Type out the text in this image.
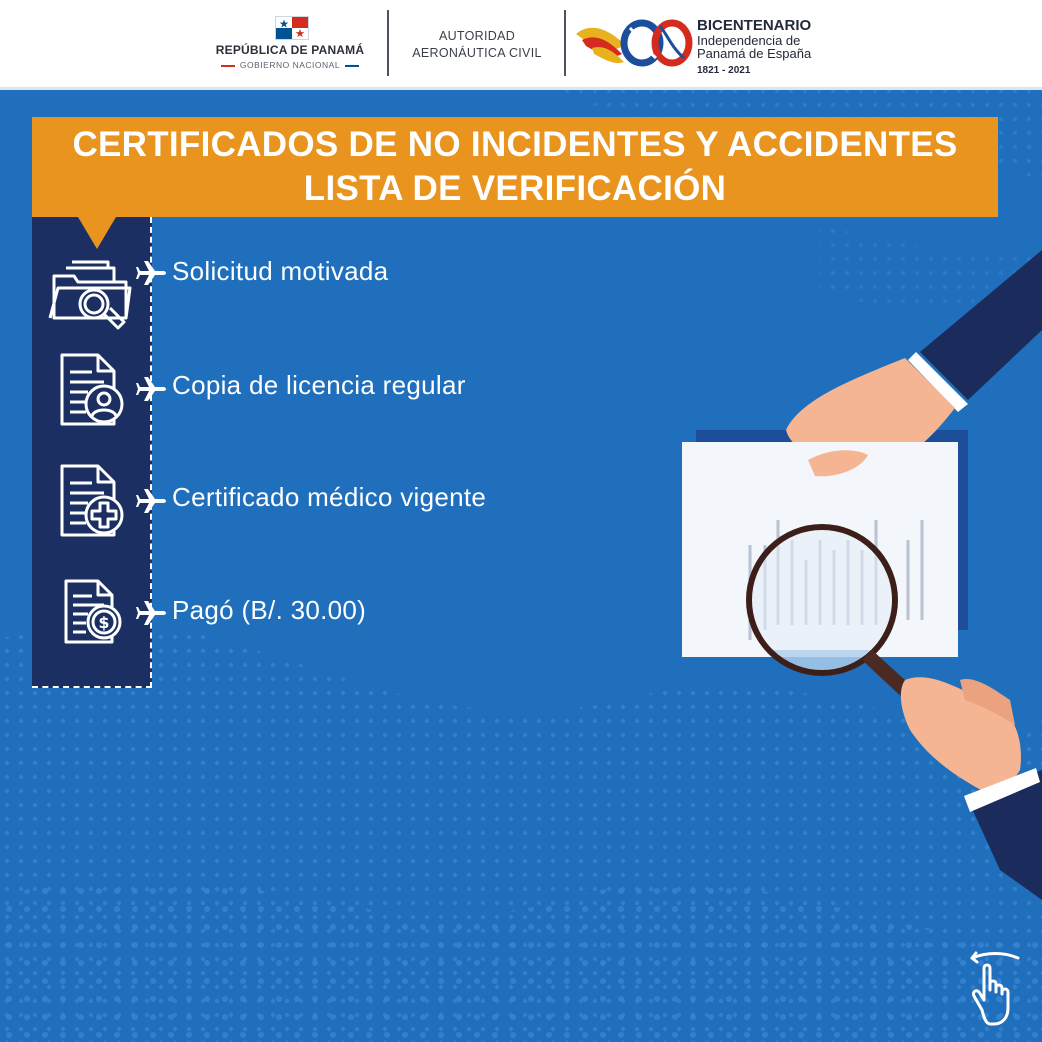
REPÚBLICA DE PANAMÁ
GOBIERNO NACIONAL
AUTORIDAD
AERONÁUTICA CIVIL
BICENTENARIO
Independencia de
Panamá de España
1821 - 2021
CERTIFICADOS DE NO INCIDENTES Y ACCIDENTES
LISTA DE VERIFICACIÓN
Solicitud motivada
Copia de licencia regular
Certificado médico vigente
$ Pagó (B/. 30.00)
